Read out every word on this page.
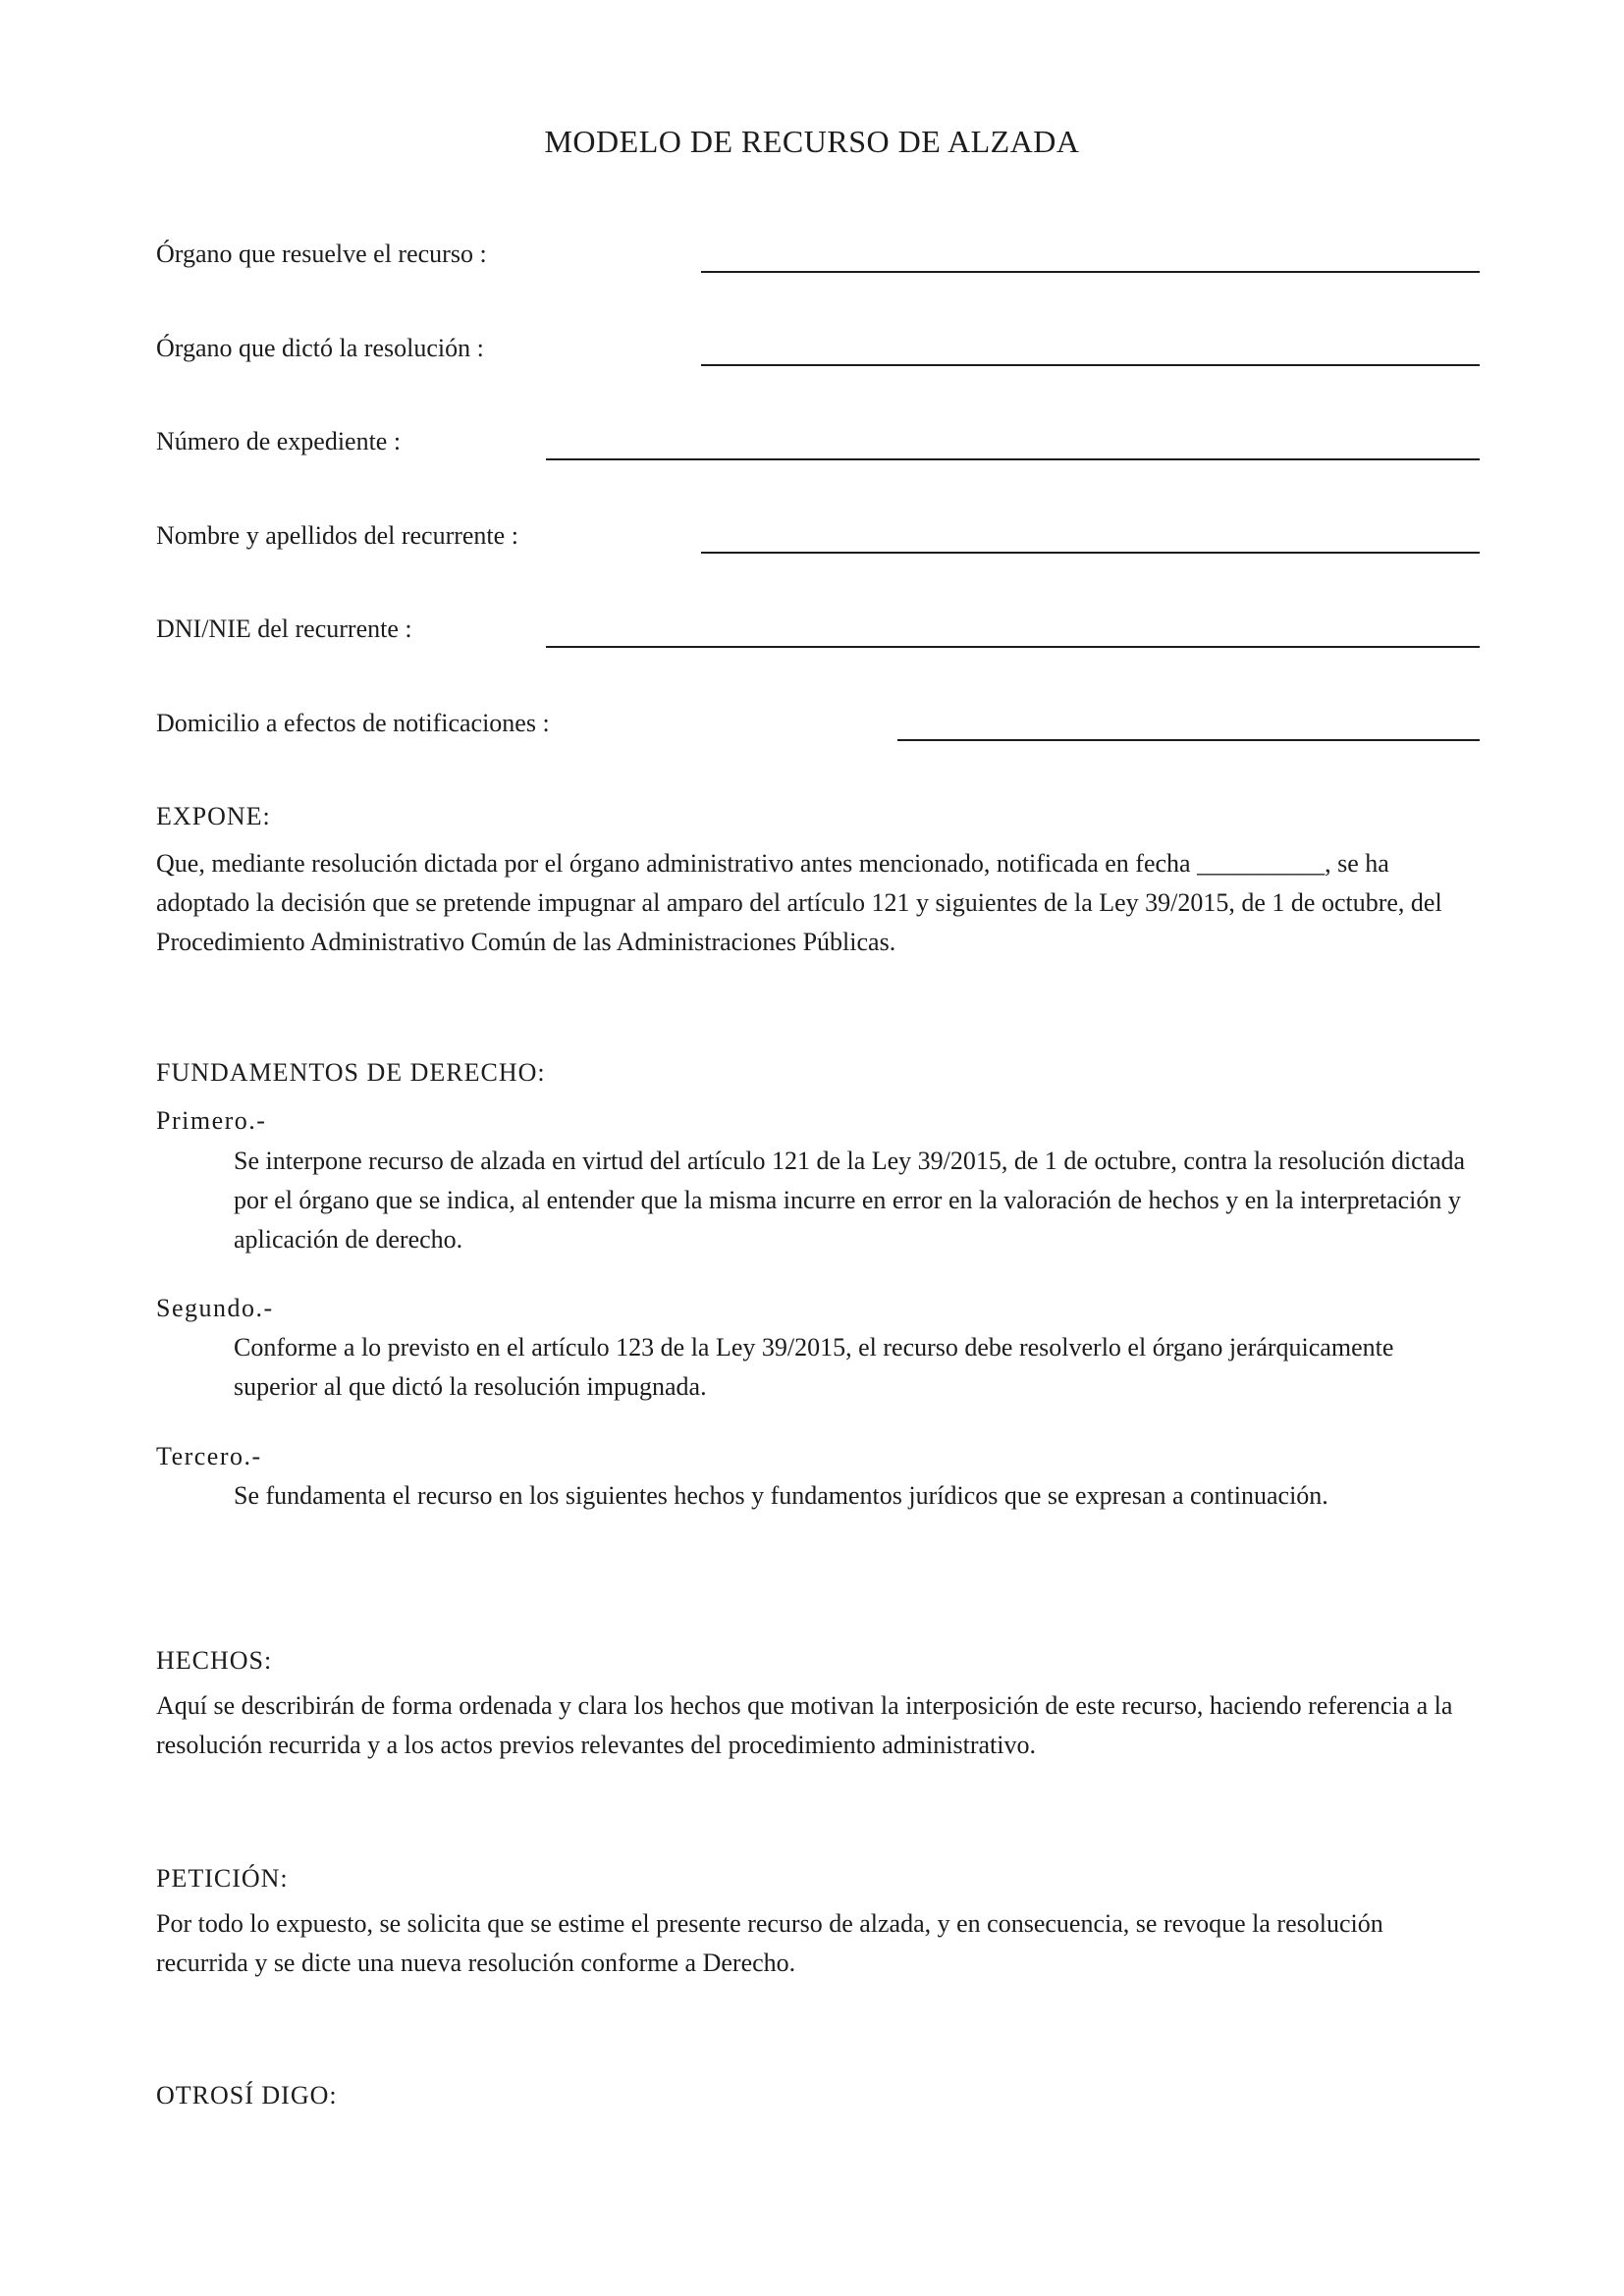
MODELO DE RECURSO DE ALZADA
Órgano que resuelve el recurso :
Órgano que dictó la resolución :
Número de expediente :
Nombre y apellidos del recurrente :
DNI/NIE del recurrente :
Domicilio a efectos de notificaciones :
EXPONE:
Que, mediante resolución dictada por el órgano administrativo antes mencionado, notificada en fecha __________, se ha adoptado la decisión que se pretende impugnar al amparo del artículo 121 y siguientes de la Ley 39/2015, de 1 de octubre, del Procedimiento Administrativo Común de las Administraciones Públicas.
FUNDAMENTOS DE DERECHO:
Primero.-
Se interpone recurso de alzada en virtud del artículo 121 de la Ley 39/2015, de 1 de octubre, contra la resolución dictada por el órgano que se indica, al entender que la misma incurre en error en la valoración de hechos y en la interpretación y aplicación de derecho.
Segundo.-
Conforme a lo previsto en el artículo 123 de la Ley 39/2015, el recurso debe resolverlo el órgano jerárquicamente superior al que dictó la resolución impugnada.
Tercero.-
Se fundamenta el recurso en los siguientes hechos y fundamentos jurídicos que se expresan a continuación.
HECHOS:
Aquí se describirán de forma ordenada y clara los hechos que motivan la interposición de este recurso, haciendo referencia a la resolución recurrida y a los actos previos relevantes del procedimiento administrativo.
PETICIÓN:
Por todo lo expuesto, se solicita que se estime el presente recurso de alzada, y en consecuencia, se revoque la resolución recurrida y se dicte una nueva resolución conforme a Derecho.
OTROSÍ DIGO:
